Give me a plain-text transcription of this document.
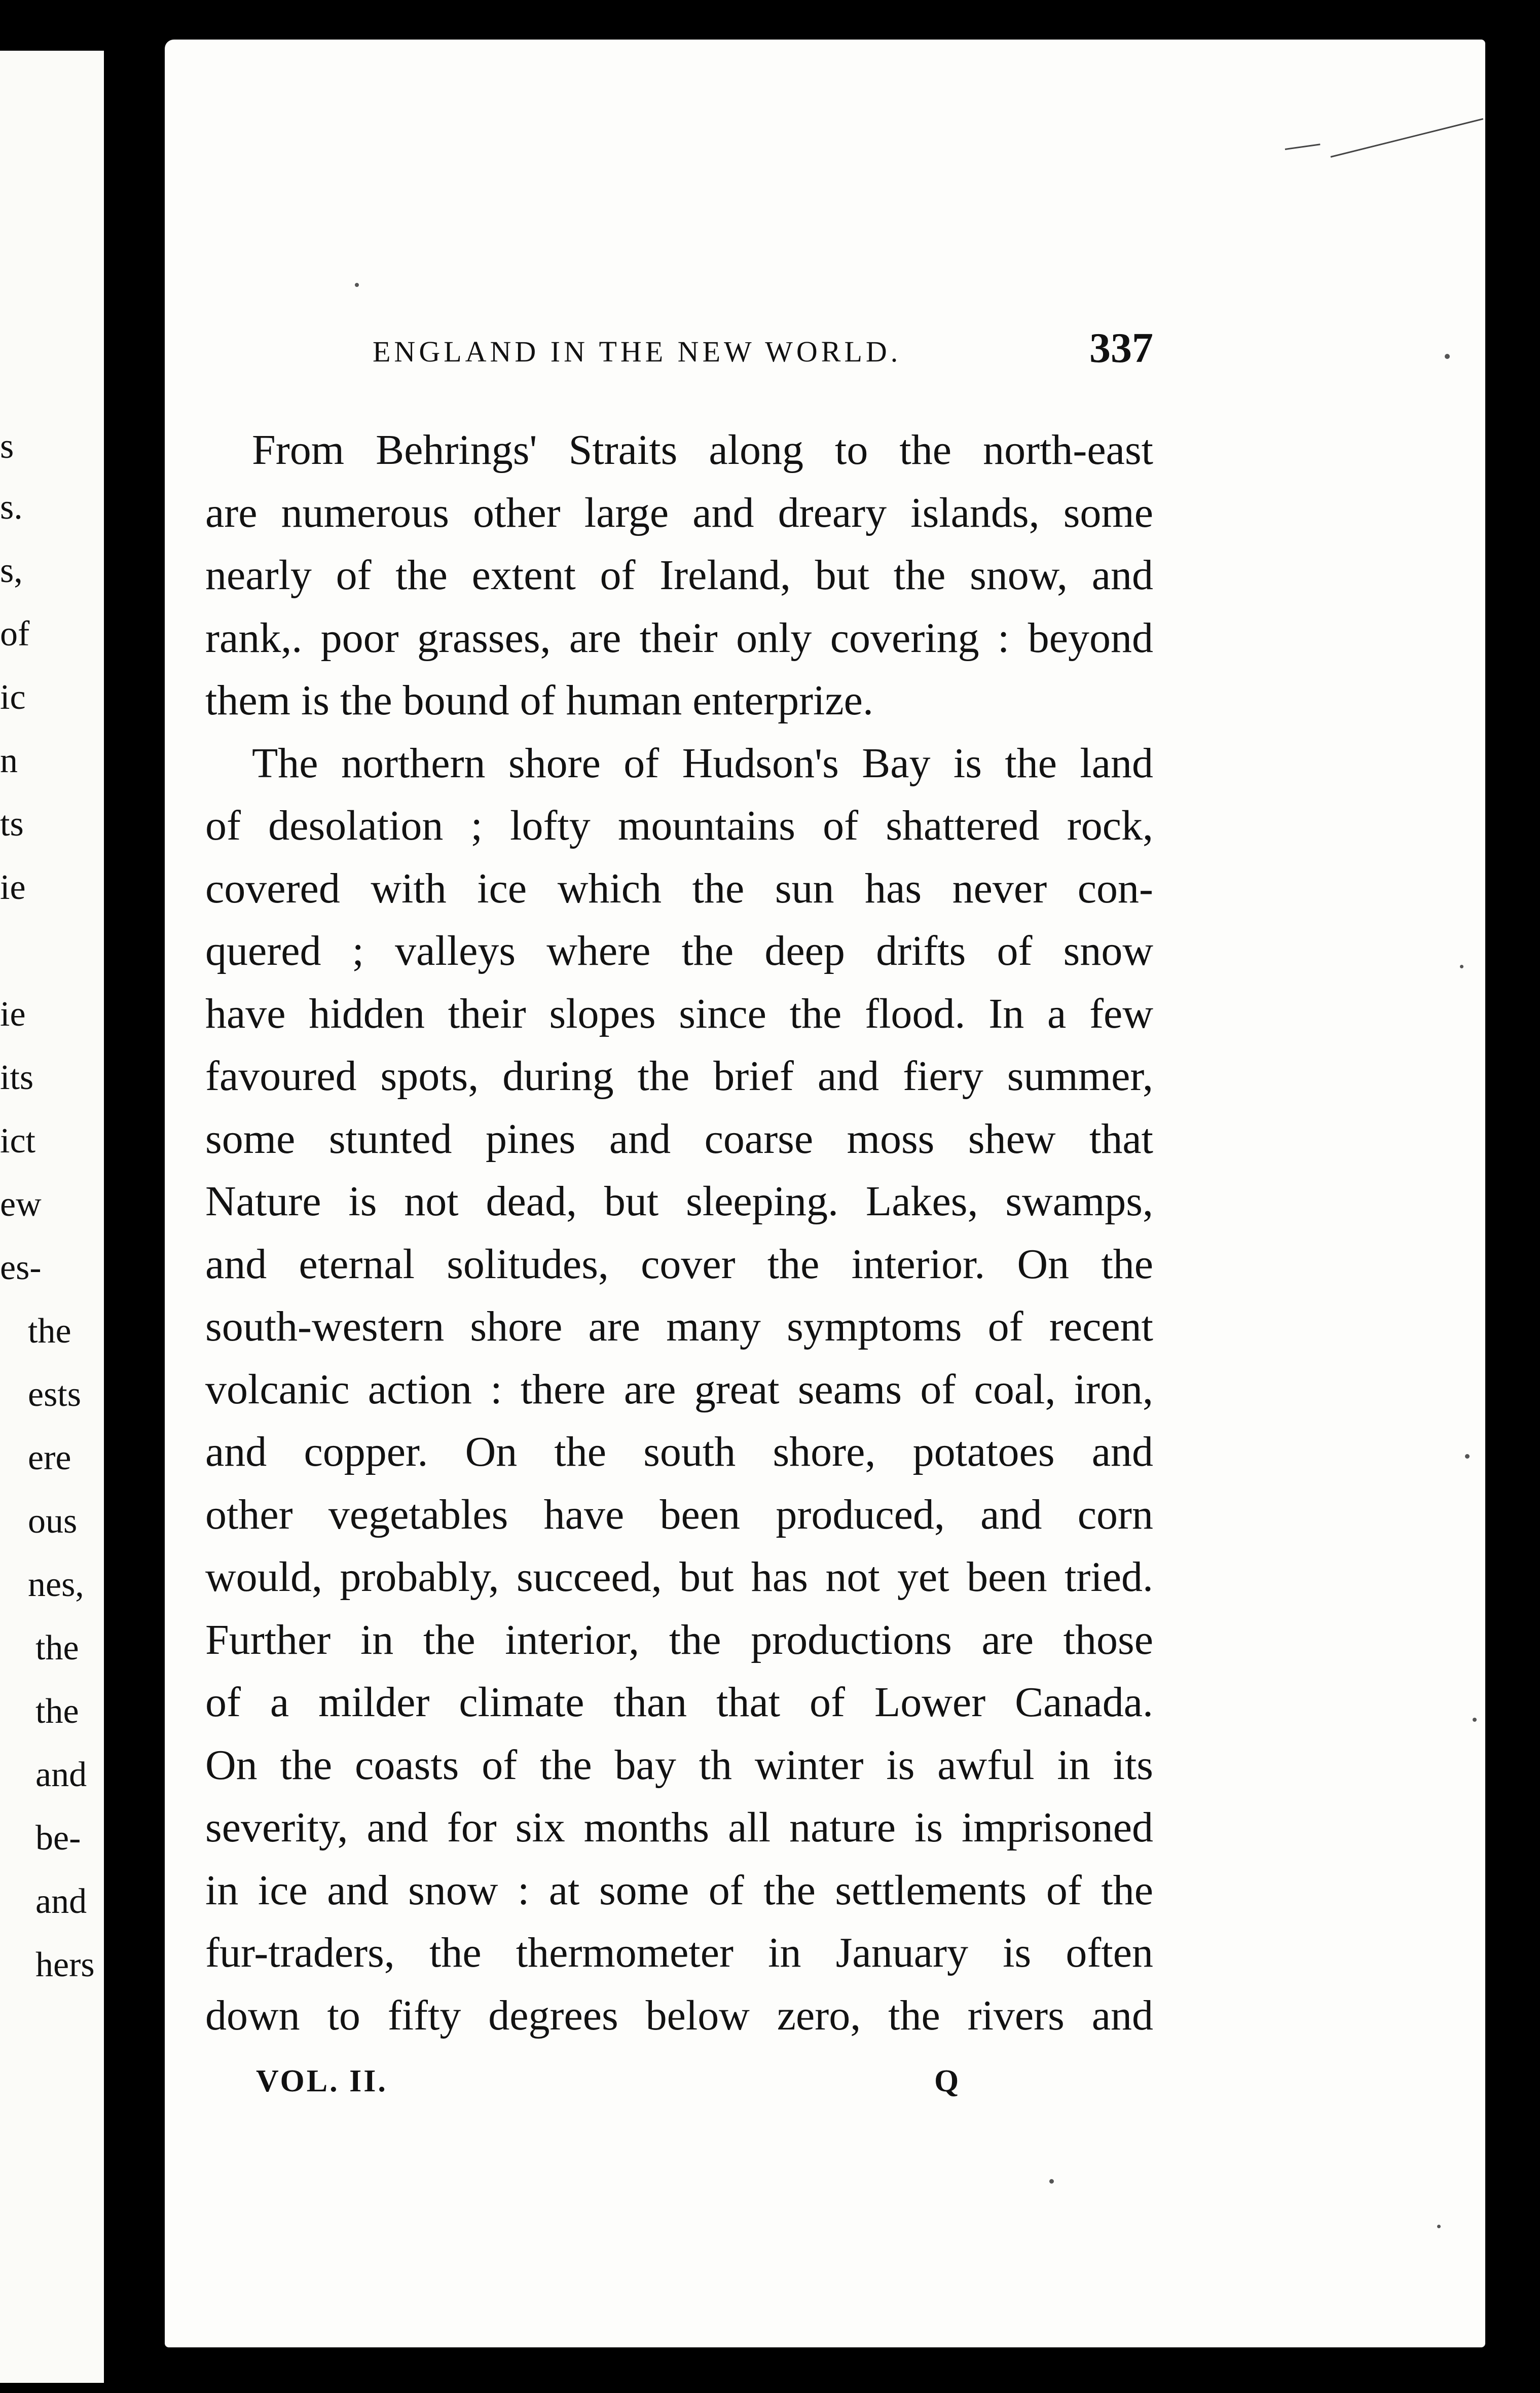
s
s.
s,
of
ic
n
ts
ie
ie
its
ict
ew
es-
the
ests
ere
ous
nes,
the
the
and
be-
and
hers
ENGLAND IN THE NEW WORLD.	337
From Behrings' Straits along to the north-east
are numerous other large and dreary islands, some
nearly of the extent of Ireland, but the snow, and
rank,. poor grasses, are their only covering : beyond
them is the bound of human enterprize.
The northern shore of Hudson's Bay is the land
of desolation ; lofty mountains of shattered rock,
covered with ice which the sun has never con-
quered ; valleys where the deep drifts of snow
have hidden their slopes since the flood. In a few
favoured spots, during the brief and fiery summer,
some stunted pines and coarse moss shew that
Nature is not dead, but sleeping. Lakes, swamps,
and eternal solitudes, cover the interior. On the
south-western shore are many symptoms of recent
volcanic action : there are great seams of coal, iron,
and copper. On the south shore, potatoes and
other vegetables have been produced, and corn
would, probably, succeed, but has not yet been tried.
Further in the interior, the productions are those
of a milder climate than that of Lower Canada.
On the coasts of the bay th winter is awful in its
severity, and for six months all nature is imprisoned
in ice and snow : at some of the settlements of the
fur-traders, the thermometer in January is often
down to fifty degrees below zero, the rivers and
VOL. II.	Q
